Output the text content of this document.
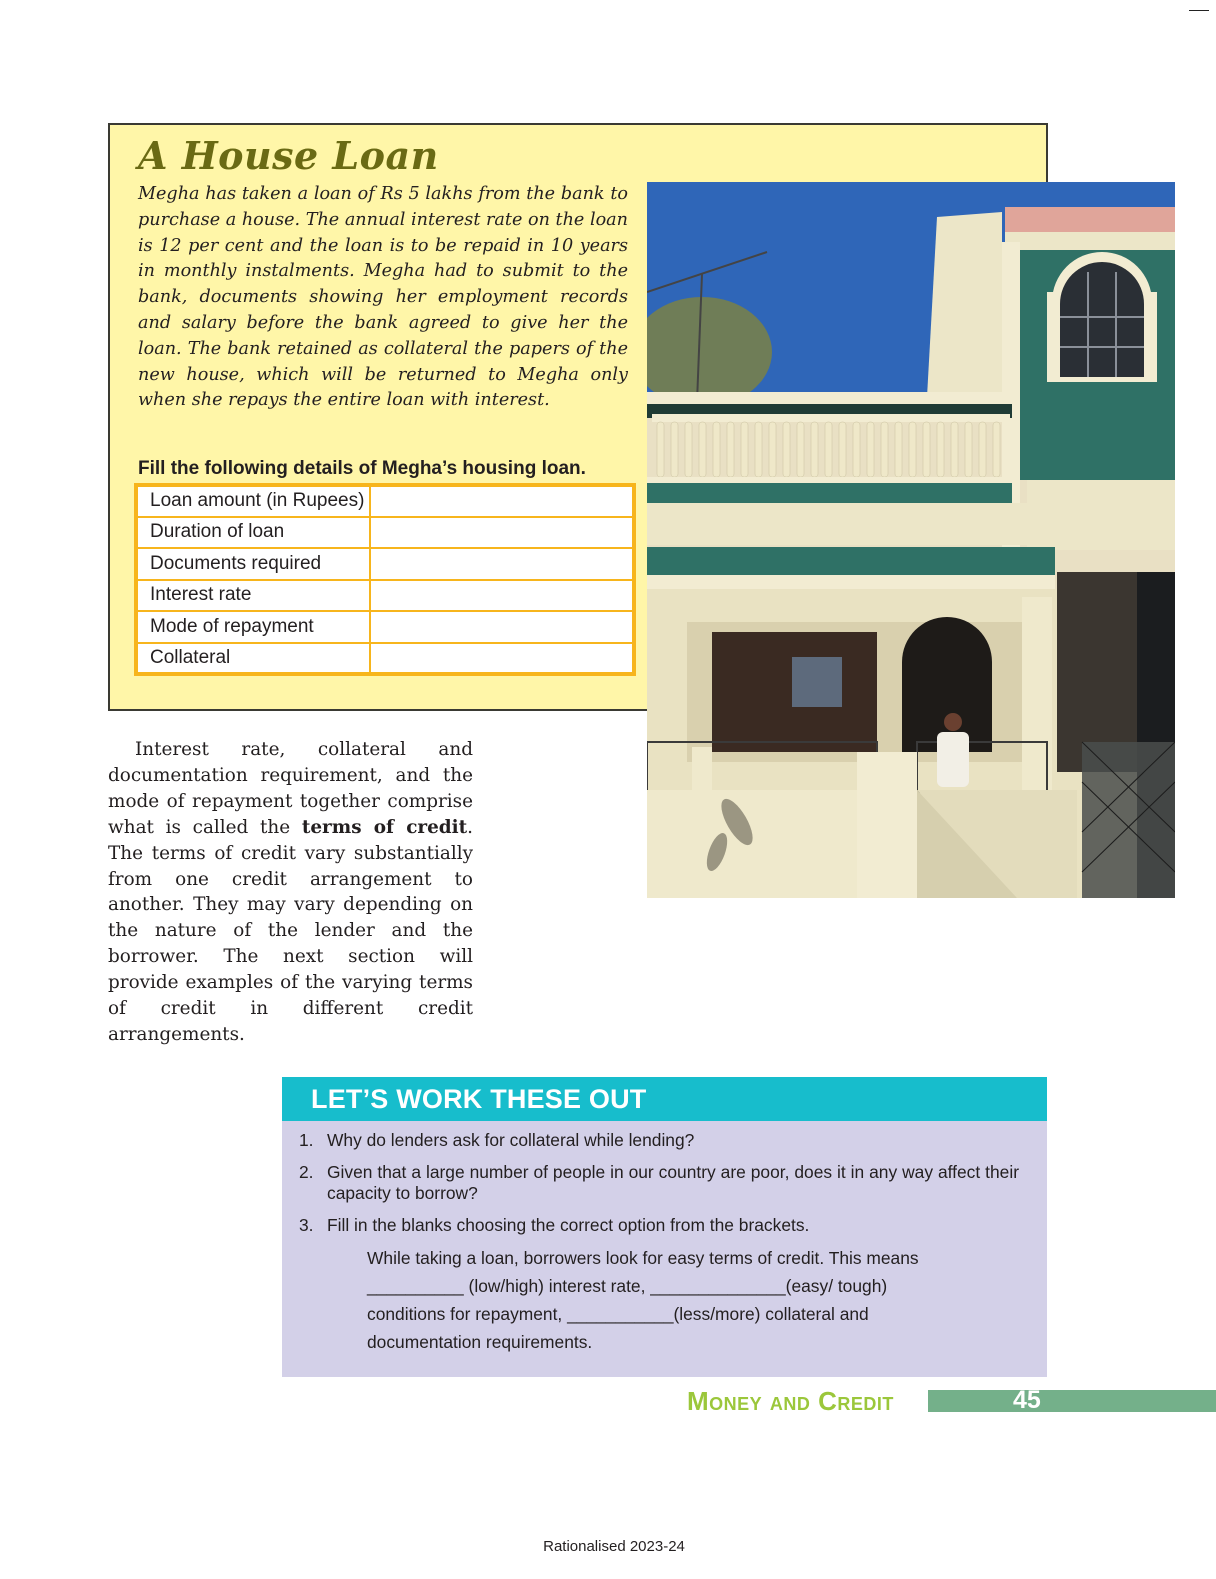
A House Loan

Megha has taken a loan of Rs 5 lakhs from the bank to purchase a house. The annual interest rate on the loan is 12 per cent and the loan is to be repaid in 10 years in monthly instalments. Megha had to submit to the bank, documents showing her employment records and salary before the bank agreed to give her the loan. The bank retained as collateral the papers of the new house, which will be returned to Megha only when she repays the entire loan with interest.

Fill the following details of Megha’s housing loan.
Loan amount (in Rupees)	
Duration of loan	
Documents required	
Interest rate	
Mode of repayment	
Collateral	

Interest rate, collateral and documentation requirement, and the mode of repayment together comprise what is called the terms of credit. The terms of credit vary substantially from one credit arrangement to another. They may vary depending on the nature of the lender and the borrower. The next section will provide examples of the varying terms of credit in different credit arrangements.

LET’S WORK THESE OUT
1. Why do lenders ask for collateral while lending?
2. Given that a large number of people in our country are poor, does it in any way affect their capacity to borrow?
3. Fill in the blanks choosing the correct option from the brackets.
While taking a loan, borrowers look for easy terms of credit. This means __________ (low/high) interest rate, ______________(easy/ tough) conditions for repayment, ___________(less/more) collateral and documentation requirements.
Money and Credit	45
Rationalised 2023-24
